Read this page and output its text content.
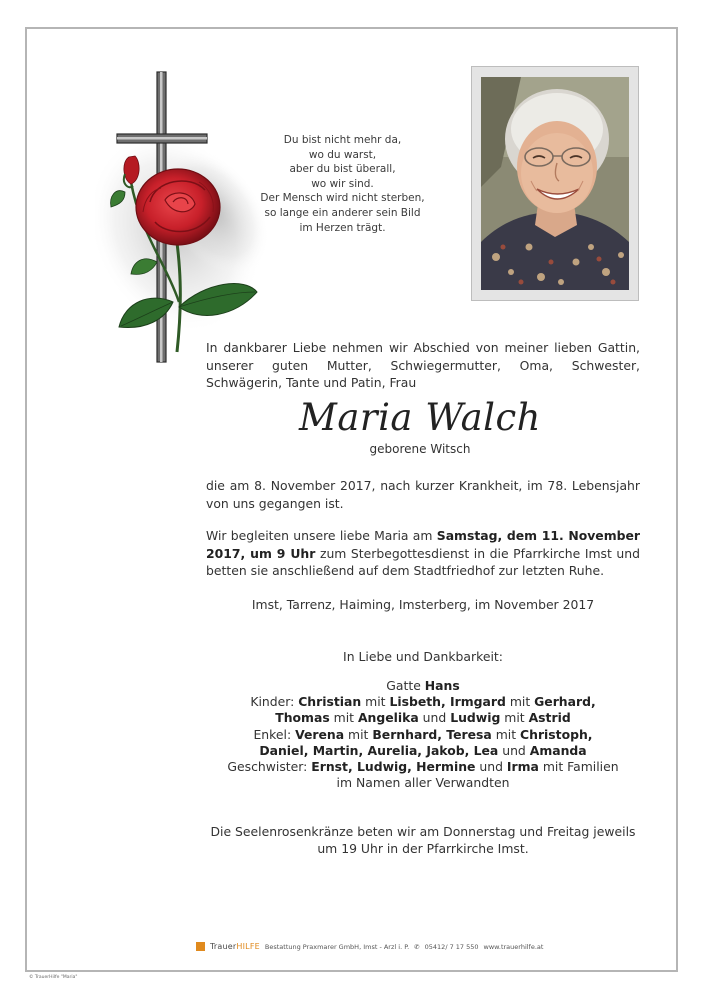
Du bist nicht mehr da,
wo du warst,
aber du bist überall,
wo wir sind.
Der Mensch wird nicht sterben,
so lange ein anderer sein Bild
im Herzen trägt.
In dankbarer Liebe nehmen wir Abschied von meiner lieben Gattin, unserer guten Mutter, Schwiegermutter, Oma, Schwester, Schwägerin, Tante und Patin, Frau
Maria Walch
geborene Witsch
die am 8. November 2017, nach kurzer Krankheit, im 78. Lebensjahr von uns gegangen ist.
Wir begleiten unsere liebe Maria am Samstag, dem 11. November 2017, um 9 Uhr zum Sterbegottesdienst in die Pfarrkirche Imst und betten sie anschließend auf dem Stadtfriedhof zur letzten Ruhe.
Imst, Tarrenz, Haiming, Imsterberg, im November 2017
In Liebe und Dankbarkeit:
Gatte Hans
Kinder: Christian mit Lisbeth, Irmgard mit Gerhard,
Thomas mit Angelika und Ludwig mit Astrid
Enkel: Verena mit Bernhard, Teresa mit Christoph,
Daniel, Martin, Aurelia, Jakob, Lea und Amanda
Geschwister: Ernst, Ludwig, Hermine und Irma mit Familien
im Namen aller Verwandten
Die Seelenrosenkränze beten wir am Donnerstag und Freitag jeweils
um 19 Uhr in der Pfarrkirche Imst.
TrauerHILFE Bestattung Praxmarer GmbH, Imst - Arzl i. P. ✆ 05412/ 7 17 550 www.trauerhilfe.at
© TrauerHilfe "Maria"
